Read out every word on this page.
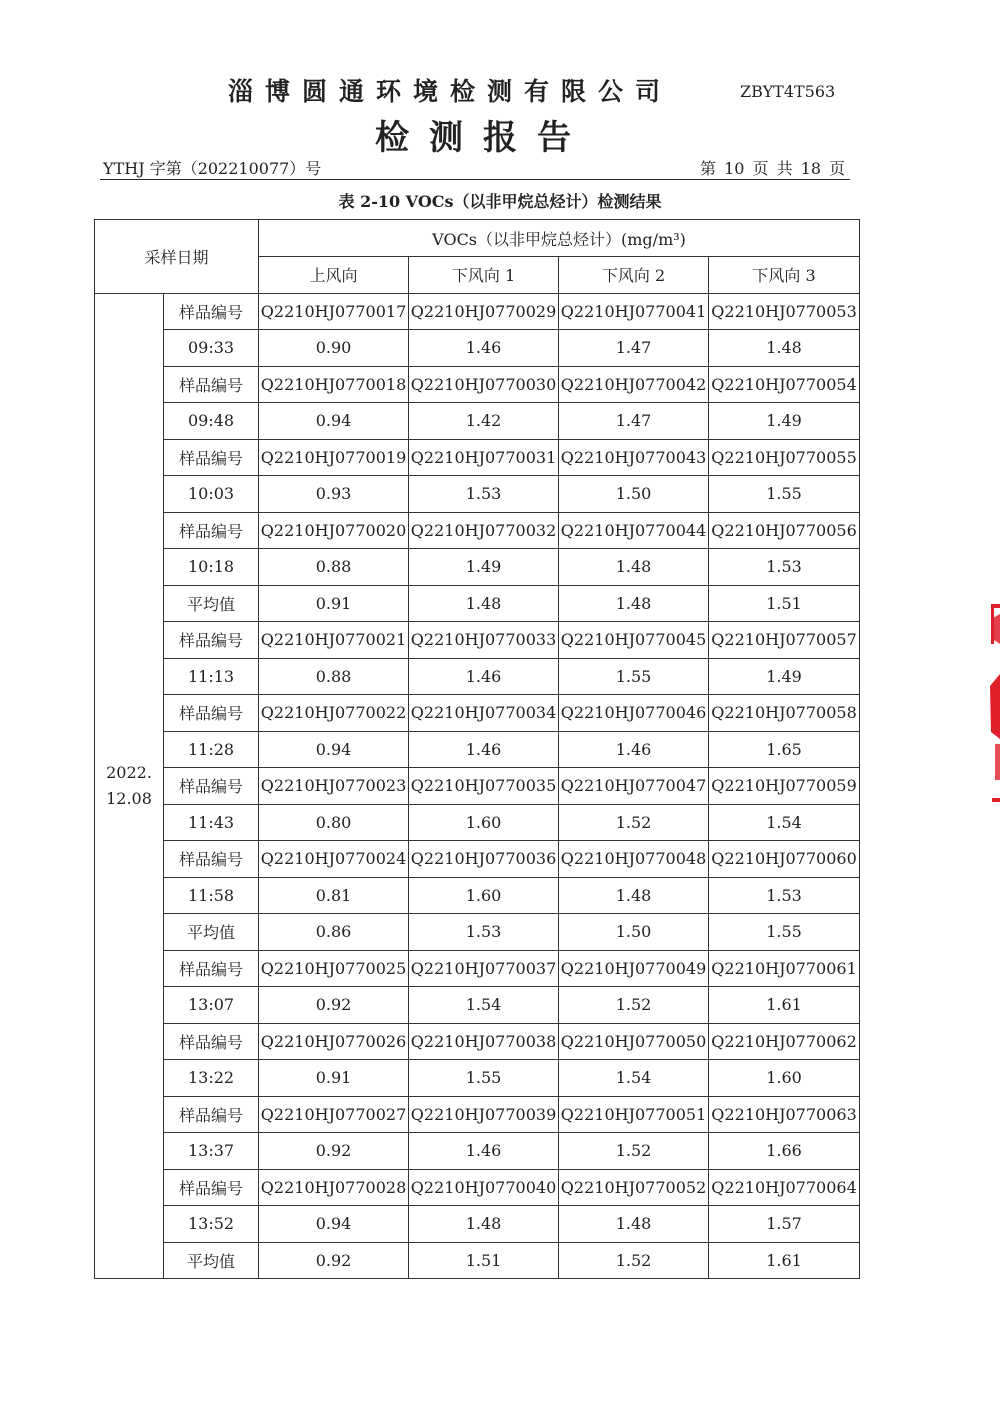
淄博圆通环境检测有限公司	ZBYT4T563
检测报告
YTHJ 字第（202210077）号	第 10 页 共 18 页
表 2-10 VOCs（以非甲烷总烃计）检测结果
采样日期		VOCs（以非甲烷总烃计）(mg/m³)			
		上风向	下风向 1	下风向 2	下风向 3

2022.
12.08	样品编号	Q2210HJ0770017	Q2210HJ0770029	Q2210HJ0770041	Q2210HJ0770053
	09:33	0.90	1.46	1.47	1.48
	样品编号	Q2210HJ0770018	Q2210HJ0770030	Q2210HJ0770042	Q2210HJ0770054
	09:48	0.94	1.42	1.47	1.49
	样品编号	Q2210HJ0770019	Q2210HJ0770031	Q2210HJ0770043	Q2210HJ0770055
	10:03	0.93	1.53	1.50	1.55
	样品编号	Q2210HJ0770020	Q2210HJ0770032	Q2210HJ0770044	Q2210HJ0770056
	10:18	0.88	1.49	1.48	1.53
	平均值	0.91	1.48	1.48	1.51
	样品编号	Q2210HJ0770021	Q2210HJ0770033	Q2210HJ0770045	Q2210HJ0770057
	11:13	0.88	1.46	1.55	1.49
	样品编号	Q2210HJ0770022	Q2210HJ0770034	Q2210HJ0770046	Q2210HJ0770058
	11:28	0.94	1.46	1.46	1.65
	样品编号	Q2210HJ0770023	Q2210HJ0770035	Q2210HJ0770047	Q2210HJ0770059
	11:43	0.80	1.60	1.52	1.54
	样品编号	Q2210HJ0770024	Q2210HJ0770036	Q2210HJ0770048	Q2210HJ0770060
	11:58	0.81	1.60	1.48	1.53
	平均值	0.86	1.53	1.50	1.55
	样品编号	Q2210HJ0770025	Q2210HJ0770037	Q2210HJ0770049	Q2210HJ0770061
	13:07	0.92	1.54	1.52	1.61
	样品编号	Q2210HJ0770026	Q2210HJ0770038	Q2210HJ0770050	Q2210HJ0770062
	13:22	0.91	1.55	1.54	1.60
	样品编号	Q2210HJ0770027	Q2210HJ0770039	Q2210HJ0770051	Q2210HJ0770063
	13:37	0.92	1.46	1.52	1.66
	样品编号	Q2210HJ0770028	Q2210HJ0770040	Q2210HJ0770052	Q2210HJ0770064
	13:52	0.94	1.48	1.48	1.57
	平均值	0.92	1.51	1.52	1.61
